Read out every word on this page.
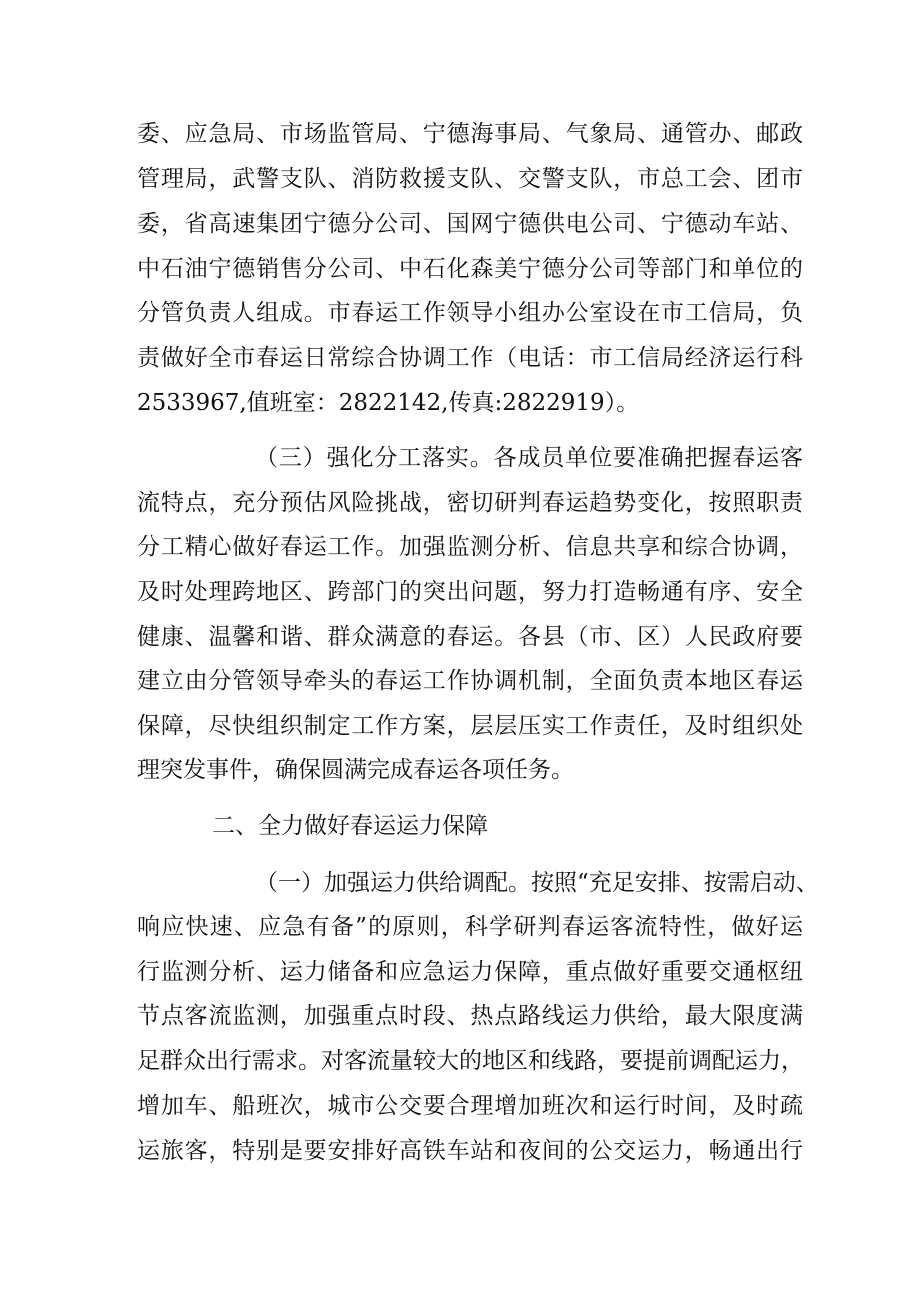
委、应急局、市场监管局、宁德海事局、气象局、通管办、邮政
管理局，武警支队、消防救援支队、交警支队，市总工会、团市
委，省高速集团宁德分公司、国网宁德供电公司、宁德动车站、
中石油宁德销售分公司、中石化森美宁德分公司等部门和单位的
分管负责人组成。市春运工作领导小组办公室设在市工信局，负
责做好全市春运日常综合协调工作（电话：市工信局经济运行科
2533967,值班室：2822142,传真:2822919）。
（三）强化分工落实。各成员单位要准确把握春运客
流特点，充分预估风险挑战，密切研判春运趋势变化，按照职责
分工精心做好春运工作。加强监测分析、信息共享和综合协调，
及时处理跨地区、跨部门的突出问题，努力打造畅通有序、安全
健康、温馨和谐、群众满意的春运。各县（市、区）人民政府要
建立由分管领导牵头的春运工作协调机制，全面负责本地区春运
保障，尽快组织制定工作方案，层层压实工作责任，及时组织处
理突发事件，确保圆满完成春运各项任务。
二、全力做好春运运力保障
（一）加强运力供给调配。按照“充足安排、按需启动、
响应快速、应急有备”的原则，科学研判春运客流特性，做好运
行监测分析、运力储备和应急运力保障，重点做好重要交通枢纽
节点客流监测，加强重点时段、热点路线运力供给，最大限度满
足群众出行需求。对客流量较大的地区和线路，要提前调配运力，
增加车、船班次，城市公交要合理增加班次和运行时间，及时疏
运旅客，特别是要安排好高铁车站和夜间的公交运力，畅通出行
